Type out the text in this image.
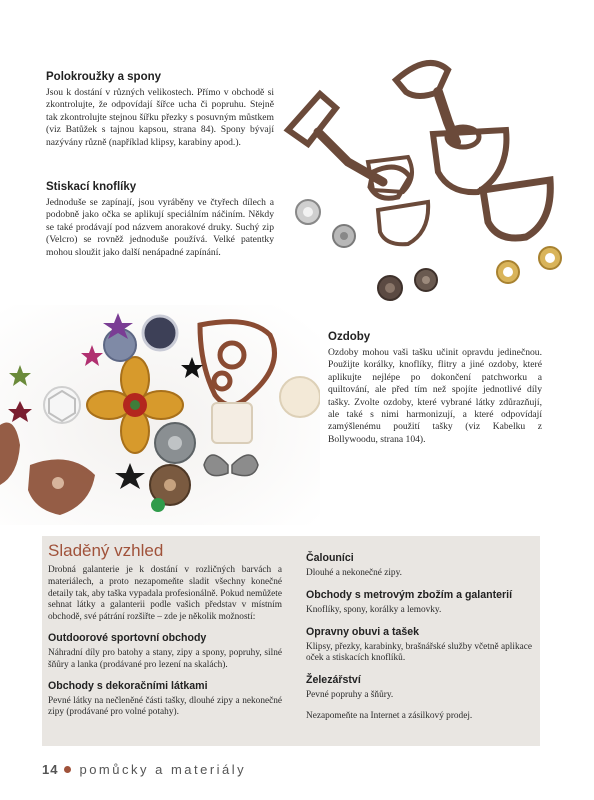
Polokroužky a spony

Jsou k dostání v různých velikostech. Přímo v obchodě si zkontrolujte, že odpovídají šířce ucha či popruhu. Stejně tak zkontrolujte stejnou šířku přezky s posuvným můstkem (viz Batůžek s tajnou kapsou, strana 84). Spony bývají nazývány různě (například klipsy, karabiny apod.).

Stiskací knoflíky

Jednoduše se zapínají, jsou vyráběny ve čtyřech dílech a podobně jako očka se aplikují speciálním náčiním. Někdy se také prodávají pod názvem anorakové druky. Suchý zip (Velcro) se rovněž jednoduše používá. Velké patentky mohou sloužit jako další nenápadné zapínání.

Ozdoby

Ozdoby mohou vaši tašku učinit opravdu jedinečnou. Použijte korálky, knoflíky, flitry a jiné ozdoby, které aplikujte nejlépe po dokončení patchworku a quiltování, ale před tím než spojíte jednotlivé díly tašky. Zvolte ozdoby, které vybrané látky zdůrazňují, ale také s nimi harmonizují, a které odpovídají zamýšlenému použití tašky (viz Kabelku z Bollywoodu, strana 104).

Sladěný vzhled

Drobná galanterie je k dostání v rozličných barvách a materiálech, a proto nezapomeňte sladit všechny konečné detaily tak, aby taška vypadala profesionálně. Pokud nemůžete sehnat látky a galanterii podle vašich představ v místním obchodě, své pátrání rozšiřte – zde je několik možností:

Outdoorové sportovní obchody

Náhradní díly pro batohy a stany, zipy a spony, popruhy, silné šňůry a lanka (prodávané pro lezení na skalách).

Obchody s dekoračními látkami

Pevné látky na nečleněné části tašky, dlouhé zipy a nekonečné zipy (prodávané pro volné potahy).

Čalouníci

Dlouhé a nekonečné zipy.

Obchody s metrovým zbožím a galanterií

Knoflíky, spony, korálky a lemovky.

Opravny obuvi a tašek

Klipsy, přezky, karabinky, brašnářské služby včetně aplikace oček a stiskacích knoflíků.

Železářství

Pevné popruhy a šňůry.

Nezapomeňte na Internet a zásilkový prodej.

14 pomůcky a materiály
